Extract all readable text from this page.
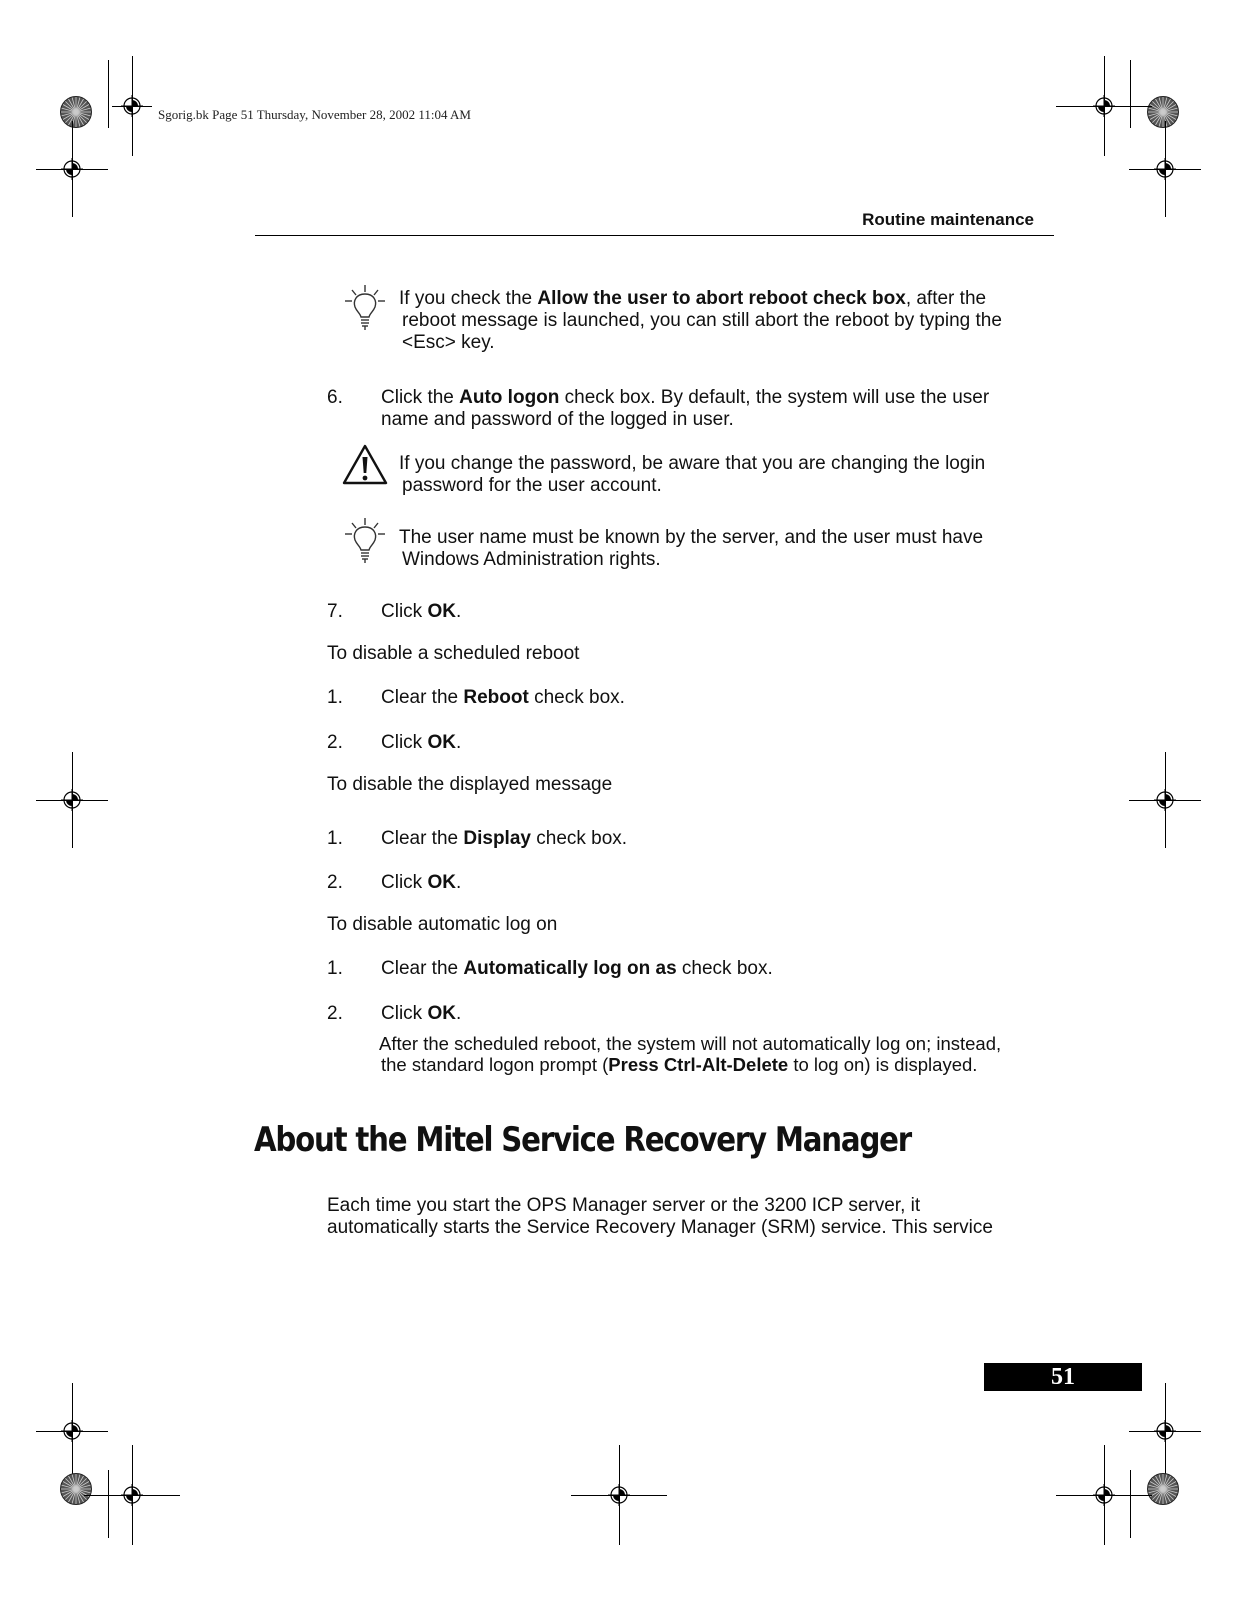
Sgorig.bk Page 51 Thursday, November 28, 2002 11:04 AM
Routine maintenance
If you check the Allow the user to abort reboot check box, after the
reboot message is launched, you can still abort the reboot by typing the
<Esc> key.
6. Click the Auto logon check box. By default, the system will use the user
name and password of the logged in user.
If you change the password, be aware that you are changing the login
password for the user account.
The user name must be known by the server, and the user must have
Windows Administration rights.
7. Click OK.
To disable a scheduled reboot
1. Clear the Reboot check box.
2. Click OK.
To disable the displayed message
1. Clear the Display check box.
2. Click OK.
To disable automatic log on
1. Clear the Automatically log on as check box.
2. Click OK.
After the scheduled reboot, the system will not automatically log on; instead,
the standard logon prompt (Press Ctrl-Alt-Delete to log on) is displayed.
About the Mitel Service Recovery Manager
Each time you start the OPS Manager server or the 3200 ICP server, it
automatically starts the Service Recovery Manager (SRM) service. This service
51
